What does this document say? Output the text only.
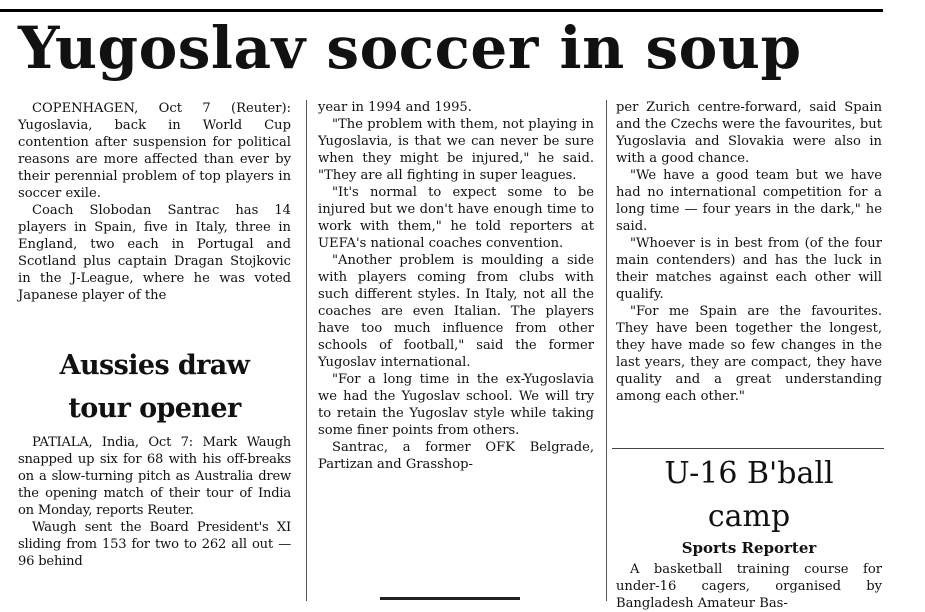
Yugoslav soccer in soup

COPENHAGEN, Oct 7 (Reuter): Yugoslavia, back in World Cup contention after suspension for political reasons are more affected than ever by their perennial problem of top players in soccer exile.

Coach Slobodan Santrac has 14 players in Spain, five in Italy, three in England, two each in Portugal and Scotland plus captain Dragan Stojkovic in the J-League, where he was voted Japanese player of the

Aussies draw
tour opener

PATIALA, India, Oct 7: Mark Waugh snapped up six for 68 with his off-breaks on a slow-turning pitch as Australia drew the opening match of their tour of India on Monday, reports Reuter.

Waugh sent the Board President's XI sliding from 153 for two to 262 all out — 96 behind

year in 1994 and 1995.

"The problem with them, not playing in Yugoslavia, is that we can never be sure when they might be injured," he said. "They are all fighting in super leagues.

"It's normal to expect some to be injured but we don't have enough time to work with them," he told reporters at UEFA's national coaches convention.

"Another problem is moulding a side with players coming from clubs with such different styles. In Italy, not all the coaches are even Italian. The players have too much influence from other schools of football," said the former Yugoslav international.

"For a long time in the ex-Yugoslavia we had the Yugoslav school. We will try to retain the Yugoslav style while taking some finer points from others.

Santrac, a former OFK Belgrade, Partizan and Grasshop-

per Zurich centre-forward, said Spain and the Czechs were the favourites, but Yugoslavia and Slovakia were also in with a good chance.

"We have a good team but we have had no international competition for a long time — four years in the dark," he said.

"Whoever is in best from (of the four main contenders) and has the luck in their matches against each other will qualify.

"For me Spain are the favourites. They have been together the longest, they have made so few changes in the last years, they are compact, they have quality and a great understanding among each other."

U-16 B'ball
camp
Sports Reporter

A basketball training course for under-16 cagers, organised by Bangladesh Amateur Bas-
